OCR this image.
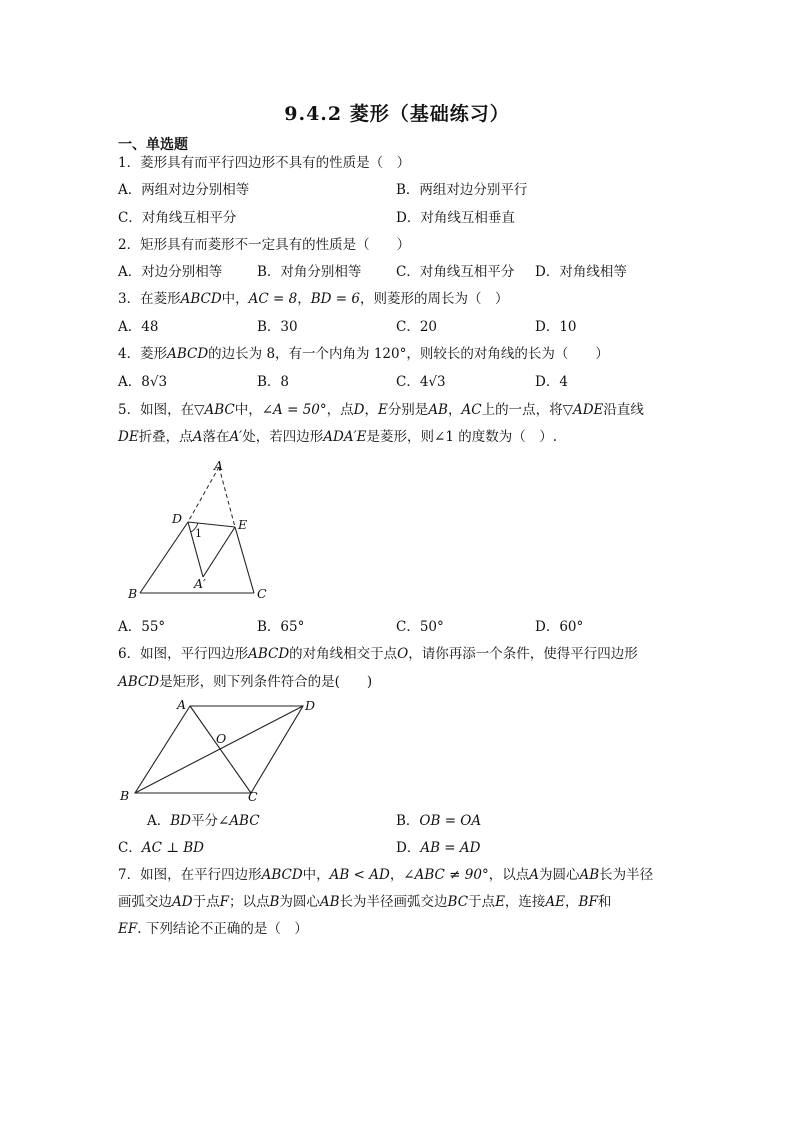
9.4.2 菱形（基础练习）
一、单选题
1．菱形具有而平行四边形不具有的性质是（　）
A．两组对边分别相等	B．两组对边分别平行
C．对角线互相平分	D．对角线互相垂直
2．矩形具有而菱形不一定具有的性质是（　　）
A．对边分别相等	B．对角分别相等	C．对角线互相平分 D．对角线相等
3．在菱形ABCD中，AC = 8，BD = 6，则菱形的周长为（　）
A．48	B．30	C．20	D．10
4．菱形ABCD的边长为 8，有一个内角为 120°，则较长的对角线的长为（　　）
A．8√3	B．8	C．4√3	D．4
5．如图，在▽ABC中，∠A = 50°，点D，E分别是AB，AC上的一点，将▽ADE沿直线
DE折叠，点A落在A′处，若四边形ADA′E是菱形，则∠1 的度数为（　）.
A
D	E
1
A′
B	C
A．55°	B．65°	C．50°	D．60°
6．如图，平行四边形ABCD的对角线相交于点O，请你再添一个条件，使得平行四边形
ABCD是矩形，则下列条件符合的是(　　)
A	D
O
B	C
A．BD平分∠ABC	B．OB = OA
C．AC ⊥ BD	D．AB = AD
7．如图，在平行四边形ABCD中，AB < AD，∠ABC ≠ 90°，以点A为圆心AB长为半径
画弧交边AD于点F；以点B为圆心AB长为半径画弧交边BC于点E，连接AE，BF和
EF. 下列结论不正确的是（　）
